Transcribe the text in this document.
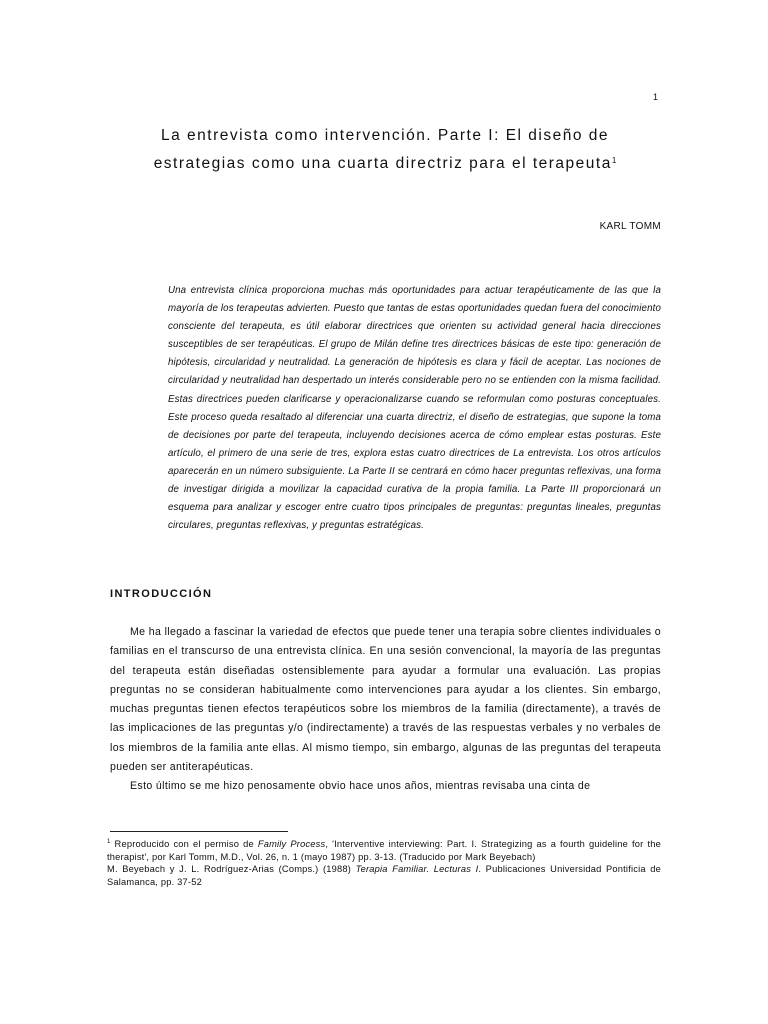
1
La entrevista como intervención. Parte I: El diseño de
estrategias como una cuarta directriz para el terapeuta$^1$
KARL TOMM
Una entrevista clínica proporciona muchas más oportunidades para actuar terapéuticamente de las que la mayoría de los terapeutas advierten. Puesto que tantas de estas oportunidades quedan fuera del conocimiento consciente del terapeuta, es útil elaborar directrices que orienten su actividad general hacia direcciones susceptibles de ser terapéuticas. El grupo de Milán define tres directrices básicas de este tipo: generación de hipótesis, circularidad y neutralidad. La generación de hipótesis es clara y fácil de aceptar. Las nociones de circularidad y neutralidad han despertado un interés considerable pero no se entienden con la misma facilidad. Estas directrices pueden clarificarse y operacionalizarse cuando se reformulan como posturas conceptuales. Este proceso queda resaltado al diferenciar una cuarta directriz, el diseño de estrategias, que supone la toma de decisiones por parte del terapeuta, incluyendo decisiones acerca de cómo emplear estas posturas. Este artículo, el primero de una serie de tres, explora estas cuatro directrices de La entrevista. Los otros artículos aparecerán en un número subsiguiente. La Parte II se centrará en cómo hacer preguntas reflexivas, una forma de investigar dirigida a movilizar la capacidad curativa de la propia familia. La Parte III proporcionará un esquema para analizar y escoger entre cuatro tipos principales de preguntas: preguntas lineales, preguntas circulares, preguntas reflexivas, y preguntas estratégicas.
INTRODUCCIÓN

Me ha llegado a fascinar la variedad de efectos que puede tener una terapia sobre clientes individuales o familias en el transcurso de una entrevista clínica. En una sesión convencional, la mayoría de las preguntas del terapeuta están diseñadas ostensiblemente para ayudar a formular una evaluación. Las propias preguntas no se consideran habitualmente como intervenciones para ayudar a los clientes. Sin embargo, muchas preguntas tienen efectos terapéuticos sobre los miembros de la familia (directamente), a través de las implicaciones de las preguntas y/o (indirectamente) a través de las respuestas verbales y no verbales de los miembros de la familia ante ellas. Al mismo tiempo, sin embargo, algunas de las preguntas del terapeuta pueden ser antiterapéuticas.

Esto último se me hizo penosamente obvio hace unos años, mientras revisaba una cinta de

$^1$ Reproducido con el permiso de Family Process, 'Interventive interviewing: Part. I. Strategizing as a fourth guideline for the therapist', por Karl Tomm, M.D., Vol. 26, n. 1 (mayo 1987) pp. 3-13. (Traducido por Mark Beyebach)

M. Beyebach y J. L. Rodríguez-Arias (Comps.) (1988) Terapia Familiar. Lecturas I. Publicaciones Universidad Pontificia de Salamanca, pp. 37-52
